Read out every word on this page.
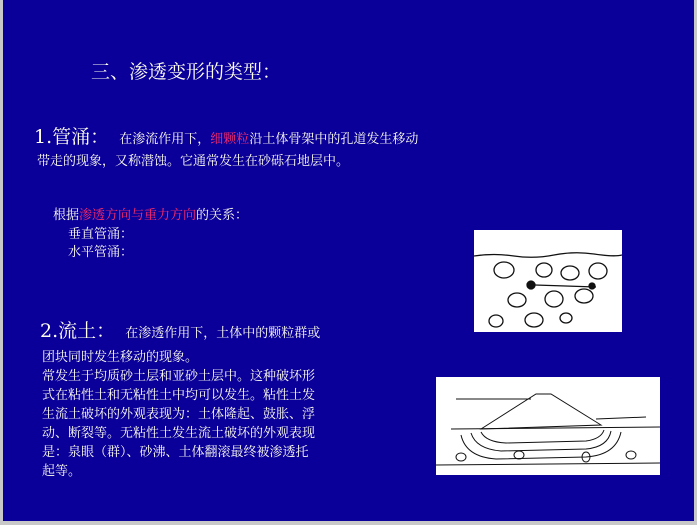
三、渗透变形的类型：
1.管涌： 在渗流作用下，细颗粒沿土体骨架中的孔道发生移动
带走的现象，又称潜蚀。它通常发生在砂砾石地层中。
根据渗透方向与重力方向的关系：
垂直管涌：
水平管涌：
2.流土： 在渗透作用下，土体中的颗粒群或
团块同时发生移动的现象。
常发生于均质砂土层和亚砂土层中。这种破坏形
式在粘性土和无粘性土中均可以发生。粘性土发
生流土破坏的外观表现为：土体隆起、鼓胀、浮
动、断裂等。无粘性土发生流土破坏的外观表现
是：泉眼（群）、砂沸、土体翻滚最终被渗透托
起等。
